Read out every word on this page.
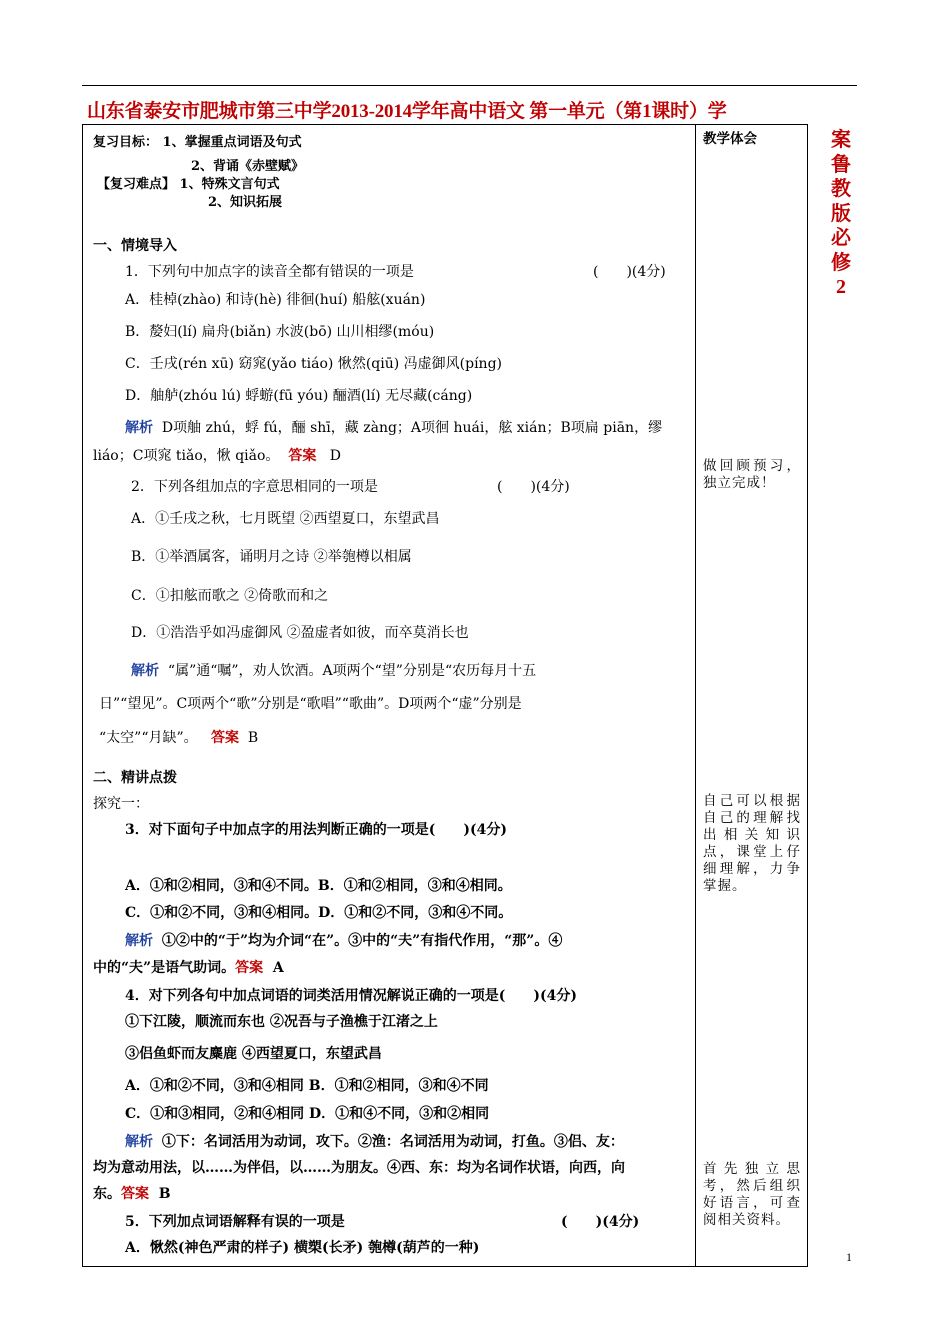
山东省泰安市肥城市第三中学2013-2014学年高中语文 第一单元（第1课时）学
案
鲁
教
版
必
修
2
复习目标： 1、掌握重点词语及句式
2、背诵《赤壁赋》
【复习难点】 1、特殊文言句式
2、知识拓展
一、情境导入
1．下列句中加点字的读音全都有错误的一项是	(　　)(4分)
A．桂棹(zhào) 和诗(hè) 徘徊(huí) 船舷(xuán)
B．嫠妇(lí) 扁舟(biǎn) 水波(bō) 山川相缪(móu)
C．壬戌(rén xū) 窈窕(yǎo tiáo) 愀然(qiū) 冯虚御风(píng)
D．舳舻(zhóu lú) 蜉蝣(fū yóu) 酾酒(lí) 无尽藏(cáng)
解析 D项舳 zhú，蜉 fú，酾 shī，藏 zàng；A项徊 huái，舷 xián；B项扁 piān，缪
liáo；C项窕 tiǎo，愀 qiǎo。 答案 D
2．下列各组加点的字意思相同的一项是	(　　)(4分)
A．①壬戌之秋，七月既望 ②西望夏口，东望武昌
B．①举酒属客，诵明月之诗 ②举匏樽以相属
C．①扣舷而歌之 ②倚歌而和之
D．①浩浩乎如冯虚御风 ②盈虚者如彼，而卒莫消长也
解析 “属”通“嘱”，劝人饮酒。A项两个“望”分别是“农历每月十五
日”“望见”。C项两个“歌”分别是“歌唱”“歌曲”。D项两个“虚”分别是
“太空”“月缺”。 答案 B
二、精讲点拨
探究一：
3．对下面句子中加点字的用法判断正确的一项是(　　)(4分)
A．①和②相同，③和④不同。B．①和②相同，③和④相同。
C．①和②不同，③和④相同。D．①和②不同，③和④不同。
解析 ①②中的“于”均为介词“在”。③中的“夫”有指代作用，“那”。④
中的“夫”是语气助词。答案 A
4．对下列各句中加点词语的词类活用情况解说正确的一项是(　　)(4分)
①下江陵，顺流而东也 ②况吾与子渔樵于江渚之上
③侣鱼虾而友麋鹿 ④西望夏口，东望武昌
A．①和②不同，③和④相同 B．①和②相同，③和④不同
C．①和③相同，②和④相同 D．①和④不同，③和②相同
解析 ①下：名词活用为动词，攻下。②渔：名词活用为动词，打鱼。③侣、友：
均为意动用法，以……为伴侣，以……为朋友。④西、东：均为名词作状语，向西，向
东。答案 B
5．下列加点词语解释有误的一项是	(　　)(4分)
A．愀然(神色严肃的样子) 横槊(长矛) 匏樽(葫芦的一种)
教学体会
做回顾预习，独立完成！
自己可以根据自己的理解找出相关知识点，课堂上仔细理解，力争掌握。
首先独立思考，然后组织好语言，可查阅相关资料。
1
